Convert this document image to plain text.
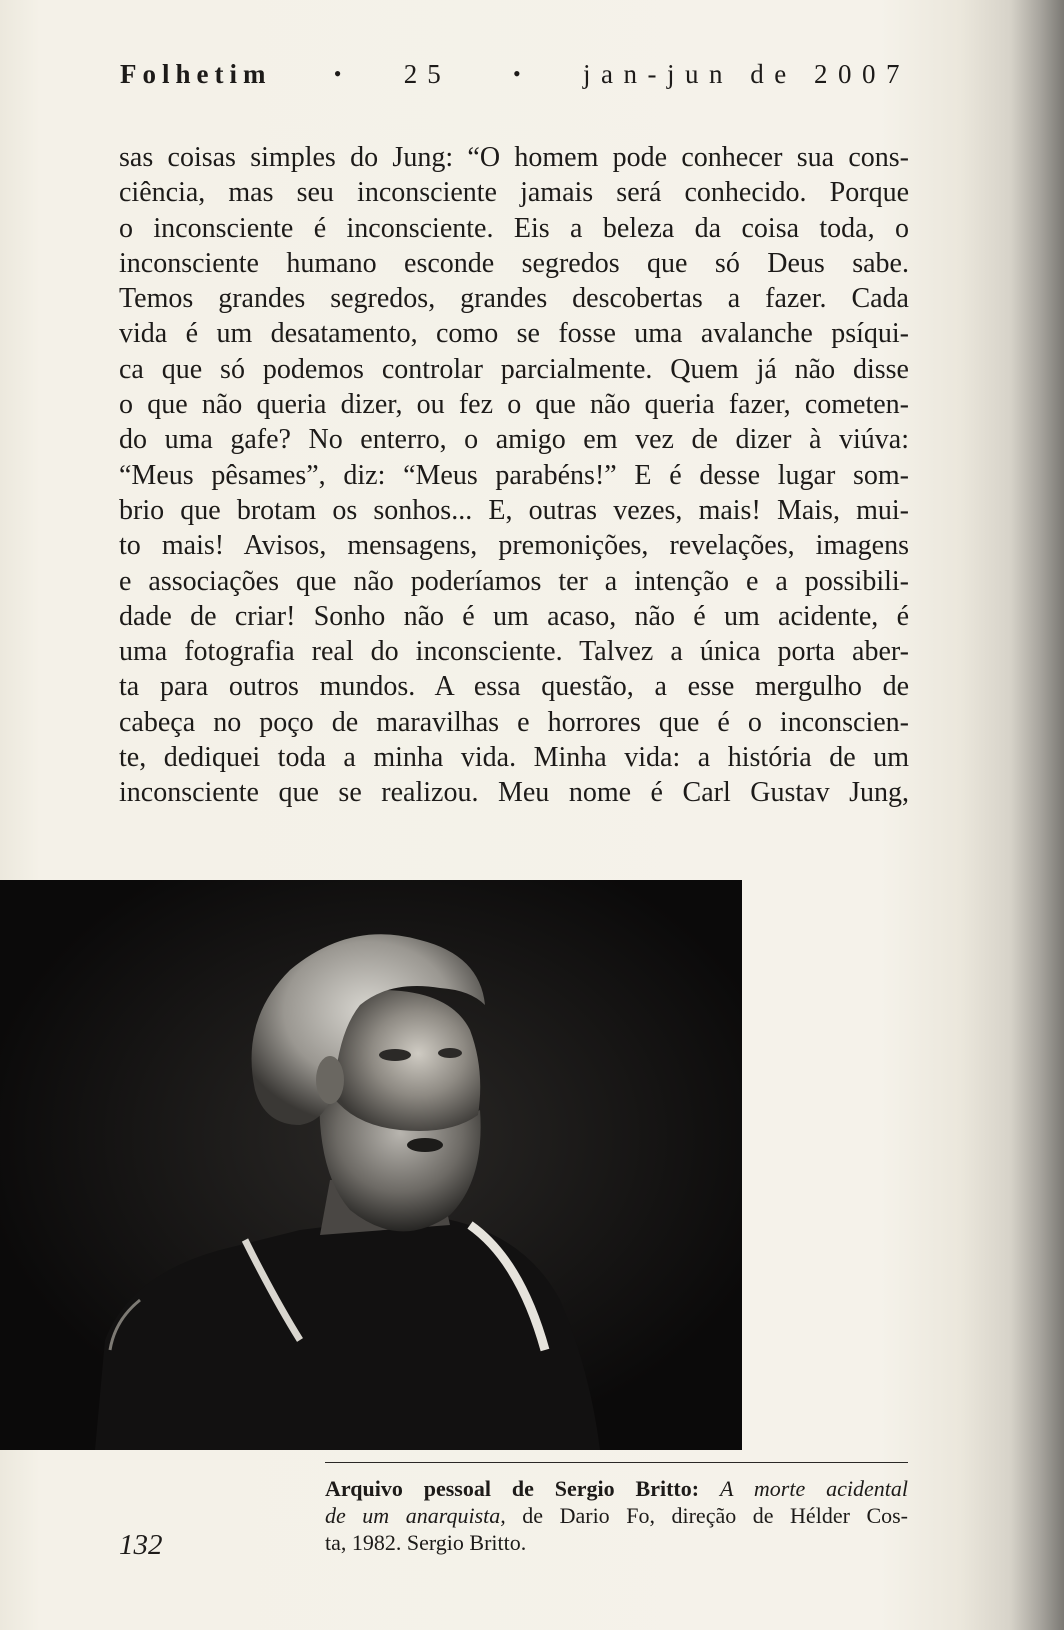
Folhetim	• 25	• jan-jun de 2007
sas coisas simples do Jung: “O homem pode conhecer sua cons-
ciência, mas seu inconsciente jamais será conhecido. Porque
o inconsciente é inconsciente. Eis a beleza da coisa toda, o
inconsciente humano esconde segredos que só Deus sabe.
Temos grandes segredos, grandes descobertas a fazer. Cada
vida é um desatamento, como se fosse uma avalanche psíqui-
ca que só podemos controlar parcialmente. Quem já não disse
o que não queria dizer, ou fez o que não queria fazer, cometen-
do uma gafe? No enterro, o amigo em vez de dizer à viúva:
“Meus pêsames”, diz: “Meus parabéns!” E é desse lugar som-
brio que brotam os sonhos... E, outras vezes, mais! Mais, mui-
to mais! Avisos, mensagens, premonições, revelações, imagens
e associações que não poderíamos ter a intenção e a possibili-
dade de criar! Sonho não é um acaso, não é um acidente, é
uma fotografia real do inconsciente. Talvez a única porta aber-
ta para outros mundos. A essa questão, a esse mergulho de
cabeça no poço de maravilhas e horrores que é o inconscien-
te, dediquei toda a minha vida. Minha vida: a história de um
inconsciente que se realizou. Meu nome é Carl Gustav Jung,
Arquivo pessoal de Sergio Britto: A morte acidental
de um anarquista, de Dario Fo, direção de Hélder Cos-
ta, 1982. Sergio Britto.
132
